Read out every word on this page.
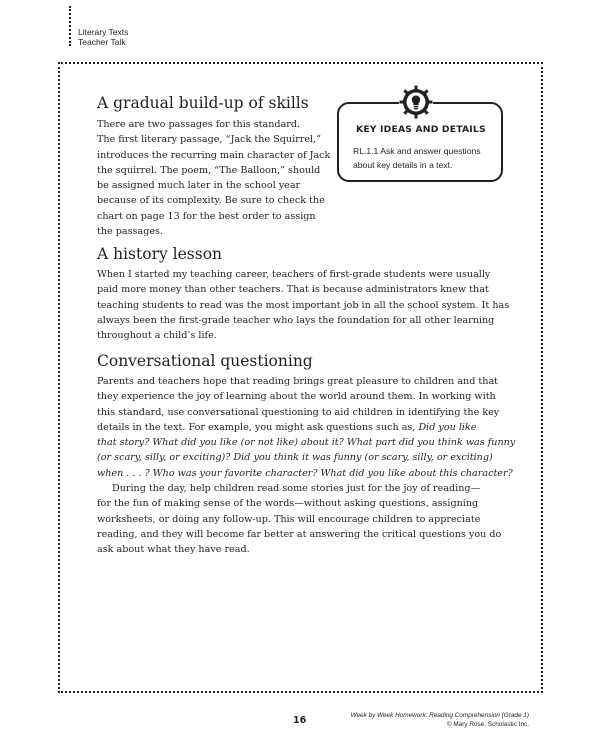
Literary Texts
Teacher Talk
A gradual build-up of skills

There are two passages for this standard.
The first literary passage, “Jack the Squirrel,”
introduces the recurring main character of Jack
the squirrel. The poem, “The Balloon,” should
be assigned much later in the school year
because of its complexity. Be sure to check the
chart on page 13 for the best order to assign
the passages.

KEY IDEAS AND DETAILS
RL.1.1 Ask and answer questions
about key details in a text.
A history lesson

When I started my teaching career, teachers of first-grade students were usually
paid more money than other teachers. That is because administrators knew that
teaching students to read was the most important job in all the school system. It has
always been the first-grade teacher who lays the foundation for all other learning
throughout a child’s life.

Conversational questioning

Parents and teachers hope that reading brings great pleasure to children and that
they experience the joy of learning about the world around them. In working with
this standard, use conversational questioning to aid children in identifying the key
details in the text. For example, you might ask questions such as, Did you like
that story? What did you like (or not like) about it? What part did you think was funny
(or scary, silly, or exciting)? Did you think it was funny (or scary, silly, or exciting)
when . . . ? Who was your favorite character? What did you like about this character?
During the day, help children read some stories just for the joy of reading—
for the fun of making sense of the words—without asking questions, assigning
worksheets, or doing any follow-up. This will encourage children to appreciate
reading, and they will become far better at answering the critical questions you do
ask about what they have read.

16	Week by Week Homework: Reading Comprehension (Grade 1)
© Mary Rose, Scholastic Inc.
